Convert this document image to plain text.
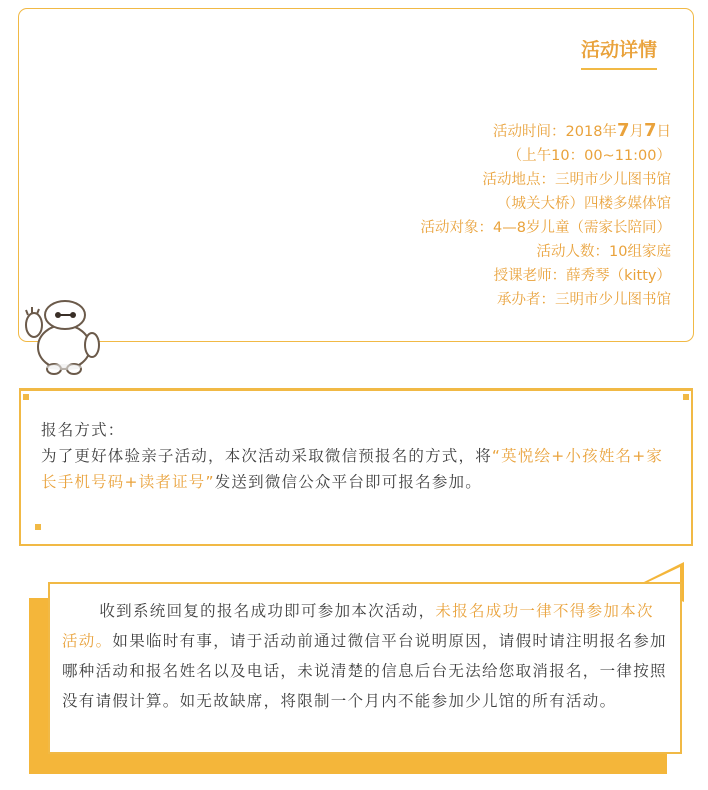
活动详情
活动时间：2018年7月7日
（上午10：00~11:00）
活动地点：三明市少儿图书馆
（城关大桥）四楼多媒体馆
活动对象：4—8岁儿童（需家长陪同）
活动人数：10组家庭
授课老师：薛秀琴（kitty）
承办者：三明市少儿图书馆
报名方式：
为了更好体验亲子活动，本次活动采取微信预报名的方式，将“英悦绘+小孩姓名+家长手机号码+读者证号”发送到微信公众平台即可报名参加。
收到系统回复的报名成功即可参加本次活动，未报名成功一律不得参加本次活动。如果临时有事，请于活动前通过微信平台说明原因，请假时请注明报名参加哪种活动和报名姓名以及电话，未说清楚的信息后台无法给您取消报名，一律按照没有请假计算。如无故缺席，将限制一个月内不能参加少儿馆的所有活动。
